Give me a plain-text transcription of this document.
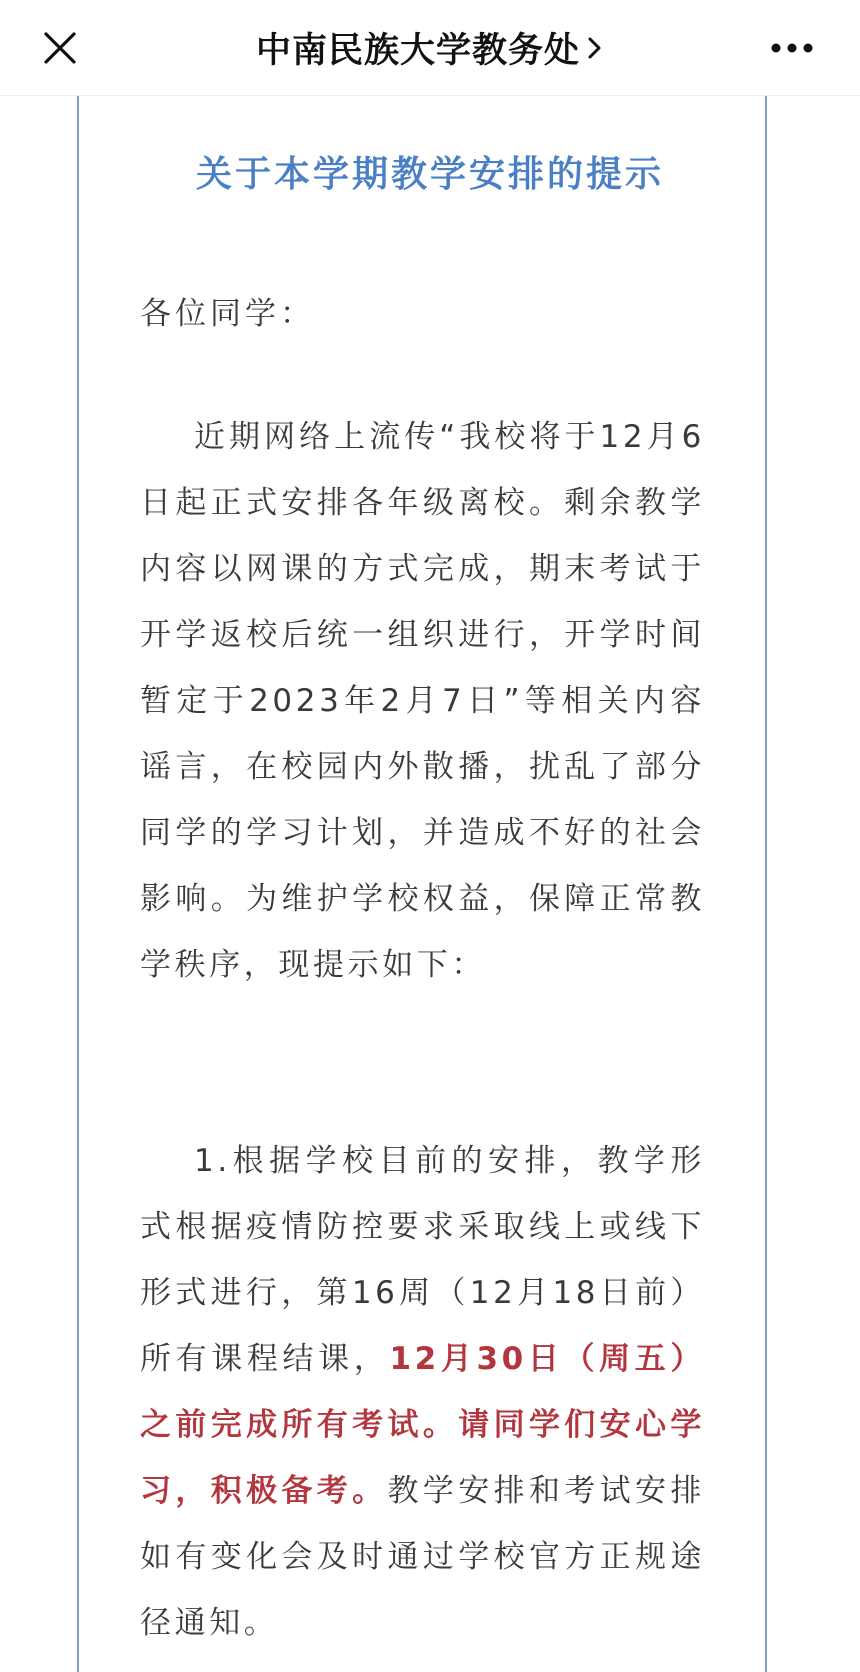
中南民族大学教务处
关于本学期教学安排的提示
各位同学：

近期网络上流传“我校将于12月6日起正式安排各年级离校。剩余教学内容以网课的方式完成，期末考试于开学返校后统一组织进行，开学时间暂定于2023年2月7日”等相关内容谣言，在校园内外散播，扰乱了部分同学的学习计划，并造成不好的社会影响。为维护学校权益，保障正常教学秩序，现提示如下：

1.根据学校目前的安排，教学形式根据疫情防控要求采取线上或线下形式进行，第16周（12月18日前）所有课程结课，12月30日（周五）之前完成所有考试。请同学们安心学习，积极备考。教学安排和考试安排如有变化会及时通过学校官方正规途径通知。
